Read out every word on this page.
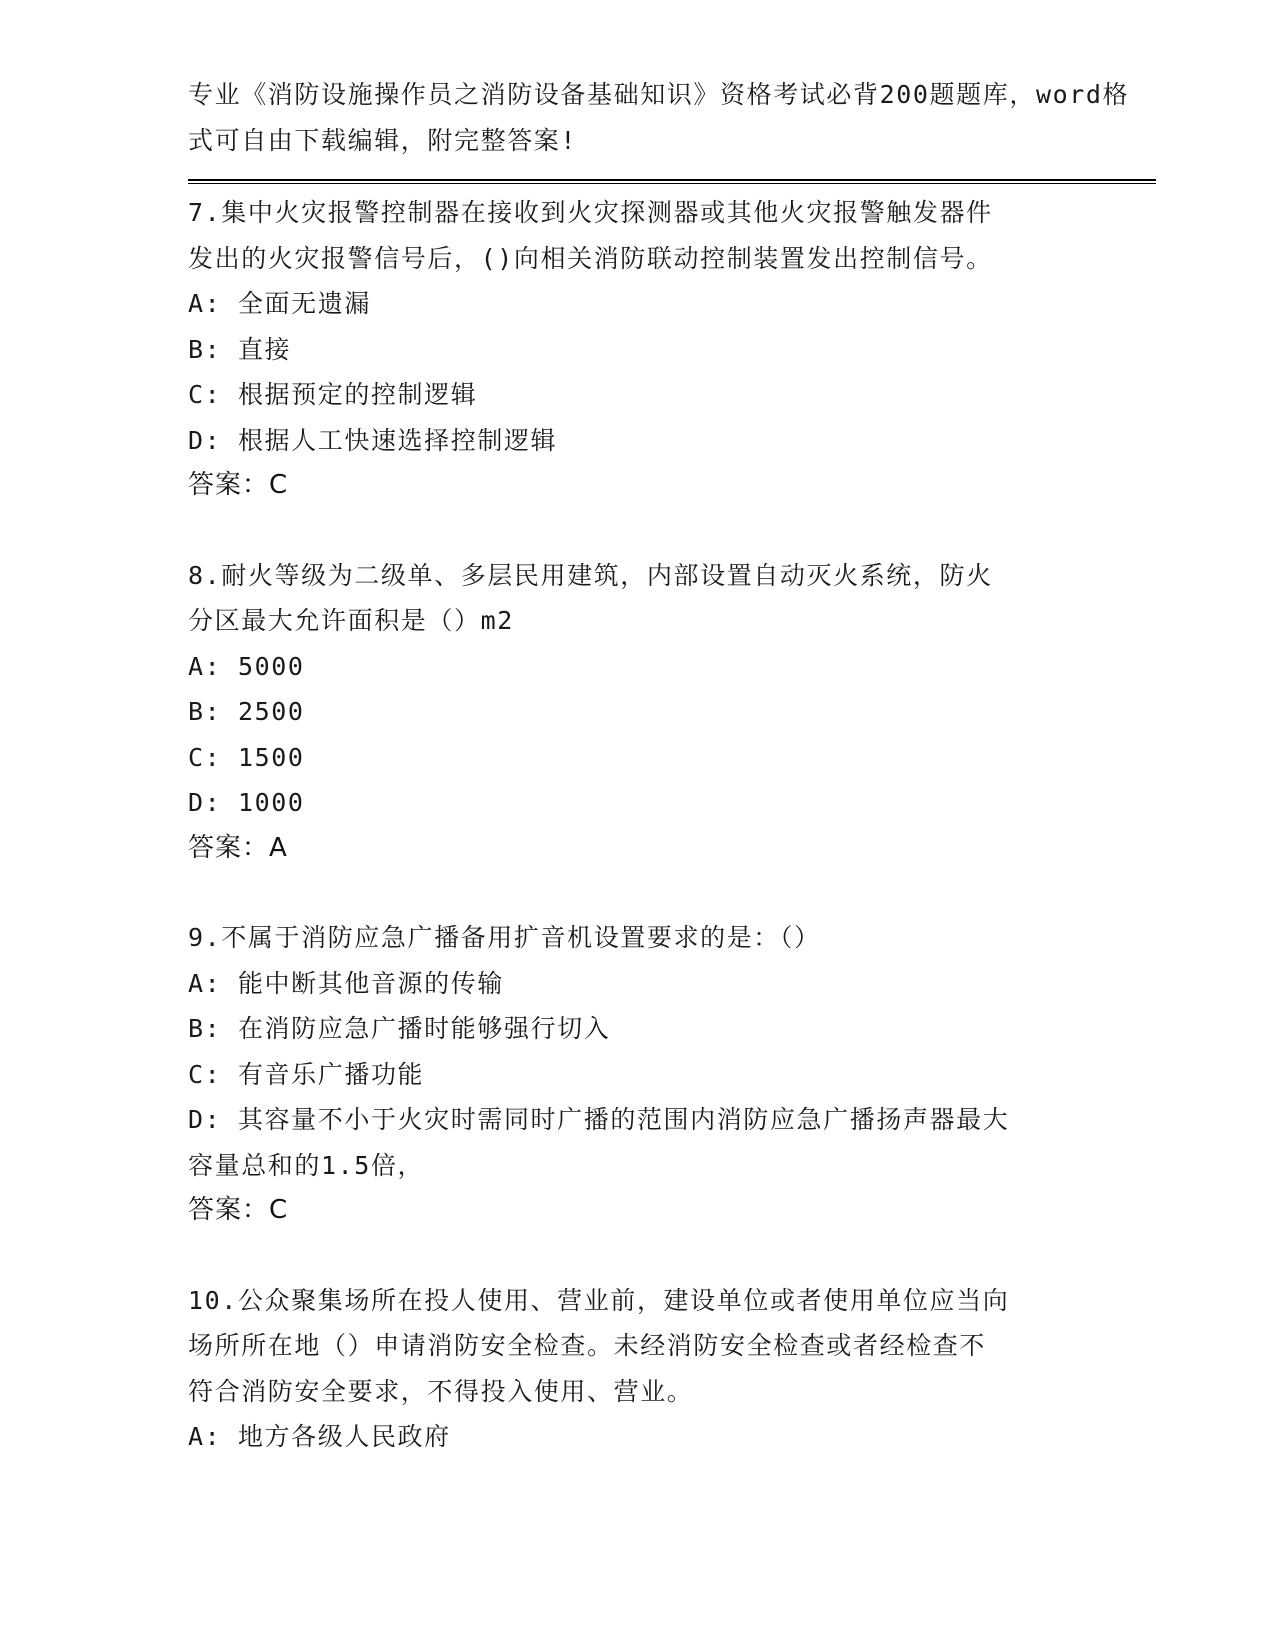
专业《消防设施操作员之消防设备基础知识》资格考试必背200题题库，word格
式可自由下载编辑，附完整答案!
7.集中火灾报警控制器在接收到火灾探测器或其他火灾报警触发器件
发出的火灾报警信号后，()向相关消防联动控制装置发出控制信号。
A: 全面无遗漏
B: 直接
C: 根据预定的控制逻辑
D: 根据人工快速选择控制逻辑
答案：C
8.耐火等级为二级单、多层民用建筑，内部设置自动灭火系统，防火
分区最大允许面积是（）m2
A: 5000
B: 2500
C: 1500
D: 1000
答案：A
9.不属于消防应急广播备用扩音机设置要求的是：（）
A: 能中断其他音源的传输
B: 在消防应急广播时能够强行切入
C: 有音乐广播功能
D: 其容量不小于火灾时需同时广播的范围内消防应急广播扬声器最大
容量总和的1.5倍，
答案：C
10.公众聚集场所在投人使用、营业前，建设单位或者使用单位应当向
场所所在地（）申请消防安全检查。未经消防安全检查或者经检查不
符合消防安全要求，不得投入使用、营业。
A: 地方各级人民政府
